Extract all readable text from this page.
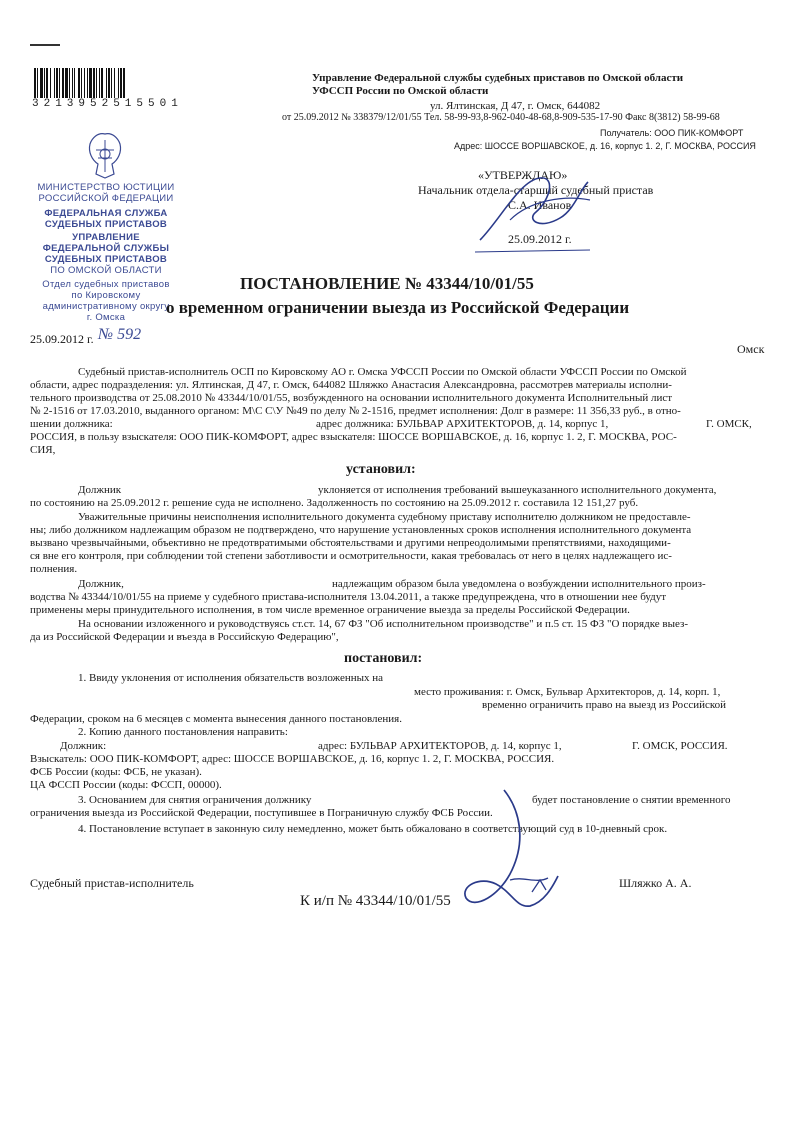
3213952515501
Управление Федеральной службы судебных приставов по Омской области
УФССП России по Омской области
ул. Ялтинская, Д 47, г. Омск, 644082
от 25.09.2012 № 338379/12/01/55 Тел. 58-99-93,8-962-040-48-68,8-909-535-17-90 Факс 8(3812) 58-99-68
Получатель: ООО ПИК-КОМФОРТ
Адрес: ШОССЕ ВОРШАВСКОЕ, д. 16, корпус 1. 2, Г. МОСКВА, РОССИЯ
МИНИСТЕРСТВО ЮСТИЦИИ
РОССИЙСКОЙ ФЕДЕРАЦИИ
ФЕДЕРАЛЬНАЯ СЛУЖБА
СУДЕБНЫХ ПРИСТАВОВ
УПРАВЛЕНИЕ
ФЕДЕРАЛЬНОЙ СЛУЖБЫ
СУДЕБНЫХ ПРИСТАВОВ
ПО ОМСКОЙ ОБЛАСТИ
Отдел судебных приставов
по Кировскому
административному округу
г. Омска
25.09.2012 г. № 592
«УТВЕРЖДАЮ»
Начальник отдела-старший судебный пристав
С.А. Иванов
25.09.2012 г.
ПОСТАНОВЛЕНИЕ № 43344/10/01/55
о временном ограничении выезда из Российской Федерации
Омск
Судебный пристав-исполнитель ОСП по Кировскому АО г. Омска УФССП России по Омской области УФССП России по Омской
области, адрес подразделения: ул. Ялтинская, Д 47, г. Омск, 644082 Шляжко Анастасия Александровна, рассмотрев материалы исполни-
тельного производства от 25.08.2010 № 43344/10/01/55, возбужденного на основании исполнительного документа Исполнительный лист
№ 2-1516 от 17.03.2010, выданного органом: М\С С\У №49 по делу № 2-1516, предмет исполнения: Долг в размере: 11 356,33 руб., в отно-
шении должника:	адрес должника: БУЛЬВАР АРХИТЕКТОРОВ, д. 14, корпус 1,	Г. ОМСК,
РОССИЯ, в пользу взыскателя: ООО ПИК-КОМФОРТ, адрес взыскателя: ШОССЕ ВОРШАВСКОЕ, д. 16, корпус 1. 2, Г. МОСКВА, РОС-
СИЯ,
установил:
Должник	уклоняется от исполнения требований вышеуказанного исполнительного документа,
по состоянию на 25.09.2012 г. решение суда не исполнено. Задолженность по состоянию на 25.09.2012 г. составила 12 151,27 руб.
Уважительные причины неисполнения исполнительного документа судебному приставу исполнителю должником не предоставле-
ны; либо должником надлежащим образом не подтверждено, что нарушение установленных сроков исполнения исполнительного документа
вызвано чрезвычайными, объективно не предотвратимыми обстоятельствами и другими непреодолимыми препятствиями, находящими-
ся вне его контроля, при соблюдении той степени заботливости и осмотрительности, какая требовалась от него в целях надлежащего ис-
полнения.
Должник,	надлежащим образом была уведомлена о возбуждении исполнительного произ-
водства № 43344/10/01/55 на приеме у судебного пристава-исполнителя 13.04.2011, а также предупреждена, что в отношении нее будут
применены меры принудительного исполнения, в том числе временное ограничение выезда за пределы Российской Федерации.
На основании изложенного и руководствуясь ст.ст. 14, 67 ФЗ "Об исполнительном производстве" и п.5 ст. 15 ФЗ "О порядке выез-
да из Российской Федерации и въезда в Российскую Федерацию",
постановил:
1. Ввиду уклонения от исполнения обязательств возложенных на
место проживания: г. Омск, Бульвар Архитекторов, д. 14, корп. 1,
временно ограничить право на выезд из Российской
Федерации, сроком на 6 месяцев с момента вынесения данного постановления.
2. Копию данного постановления направить:
Должник:	адрес: БУЛЬВАР АРХИТЕКТОРОВ, д. 14, корпус 1,	Г. ОМСК, РОССИЯ.
Взыскатель: ООО ПИК-КОМФОРТ, адрес: ШОССЕ ВОРШАВСКОЕ, д. 16, корпус 1. 2, Г. МОСКВА, РОССИЯ.
ФСБ России (коды: ФСБ, не указан).
ЦА ФССП России (коды: ФССП, 00000).
3. Основанием для снятия ограничения должнику	будет постановление о снятии временного
ограничения выезда из Российской Федерации, поступившее в Пограничную службу ФСБ России.
4. Постановление вступает в законную силу немедленно, может быть обжаловано в соответствующий суд в 10-дневный срок.
Судебный пристав-исполнитель	Шляжко А. А.
К и/п № 43344/10/01/55
